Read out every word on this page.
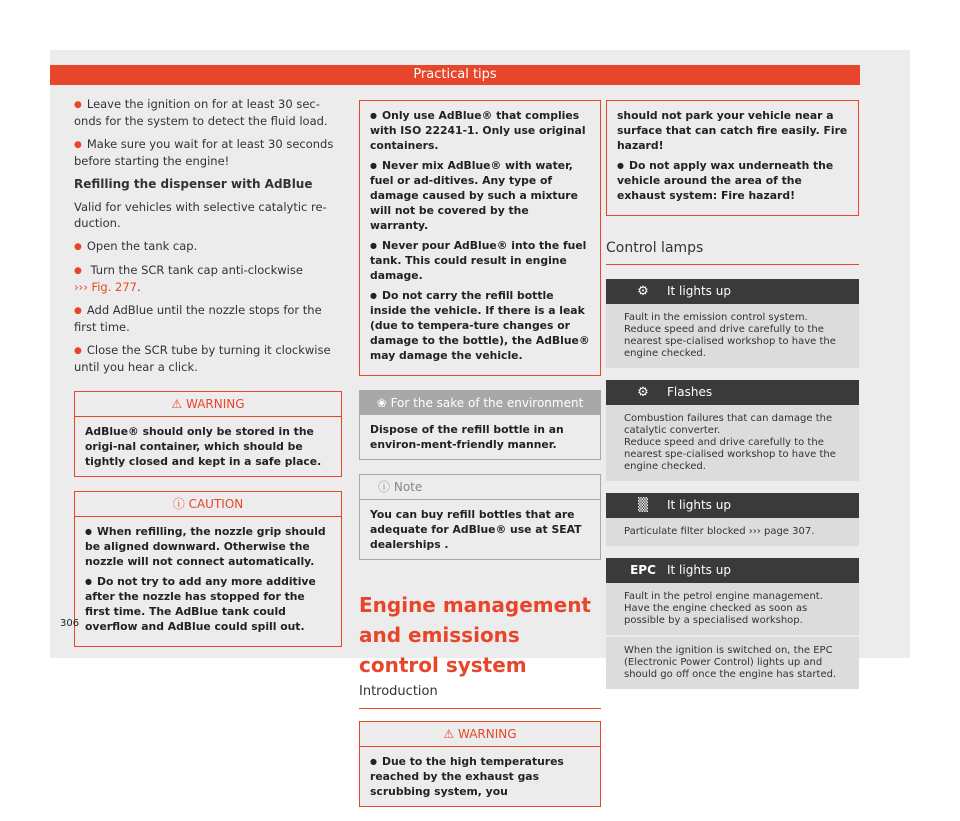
Practical tips

● Leave the ignition on for at least 30 sec-onds for the system to detect the fluid load.

● Make sure you wait for at least 30 seconds before starting the engine!

Refilling the dispenser with AdBlue

Valid for vehicles with selective catalytic re-duction.

● Open the tank cap.

● Turn the SCR tank cap anti-clockwise
››› Fig. 277.

● Add AdBlue until the nozzle stops for the first time.

● Close the SCR tube by turning it clockwise until you hear a click.

⚠ WARNING
AdBlue® should only be stored in the origi-nal container, which should be tightly closed and kept in a safe place.
ⓘ CAUTION

● When refilling, the nozzle grip should be aligned downward. Otherwise the nozzle will not connect automatically.

● Do not try to add any more additive after the nozzle has stopped for the first time. The AdBlue tank could overflow and AdBlue could spill out.

● Only use AdBlue® that complies with ISO 22241-1. Only use original containers.

● Never mix AdBlue® with water, fuel or ad-ditives. Any type of damage caused by such a mixture will not be covered by the warranty.

● Never pour AdBlue® into the fuel tank. This could result in engine damage.

● Do not carry the refill bottle inside the vehicle. If there is a leak (due to tempera-ture changes or damage to the bottle), the AdBlue® may damage the vehicle.

❀ For the sake of the environment
Dispose of the refill bottle in an environ-ment-friendly manner.
ⓘ Note
You can buy refill bottles that are adequate for AdBlue® use at SEAT dealerships .
Engine management and emissions control system
Introduction
⚠ WARNING

● Due to the high temperatures reached by the exhaust gas scrubbing system, you

should not park your vehicle near a surface that can catch fire easily. Fire hazard!

● Do not apply wax underneath the vehicle around the area of the exhaust system: Fire hazard!

Control lamps
⚙	It lights up
Fault in the emission control system.
Reduce speed and drive carefully to the nearest spe-cialised workshop to have the engine checked.
⚙	Flashes
Combustion failures that can damage the catalytic converter.
Reduce speed and drive carefully to the nearest spe-cialised workshop to have the engine checked.
▒	It lights up
Particulate filter blocked ››› page 307.
EPC It lights up
Fault in the petrol engine management.
Have the engine checked as soon as possible by a specialised workshop.
When the ignition is switched on, the EPC (Electronic Power Control) lights up and should go off once the engine has started.
306
